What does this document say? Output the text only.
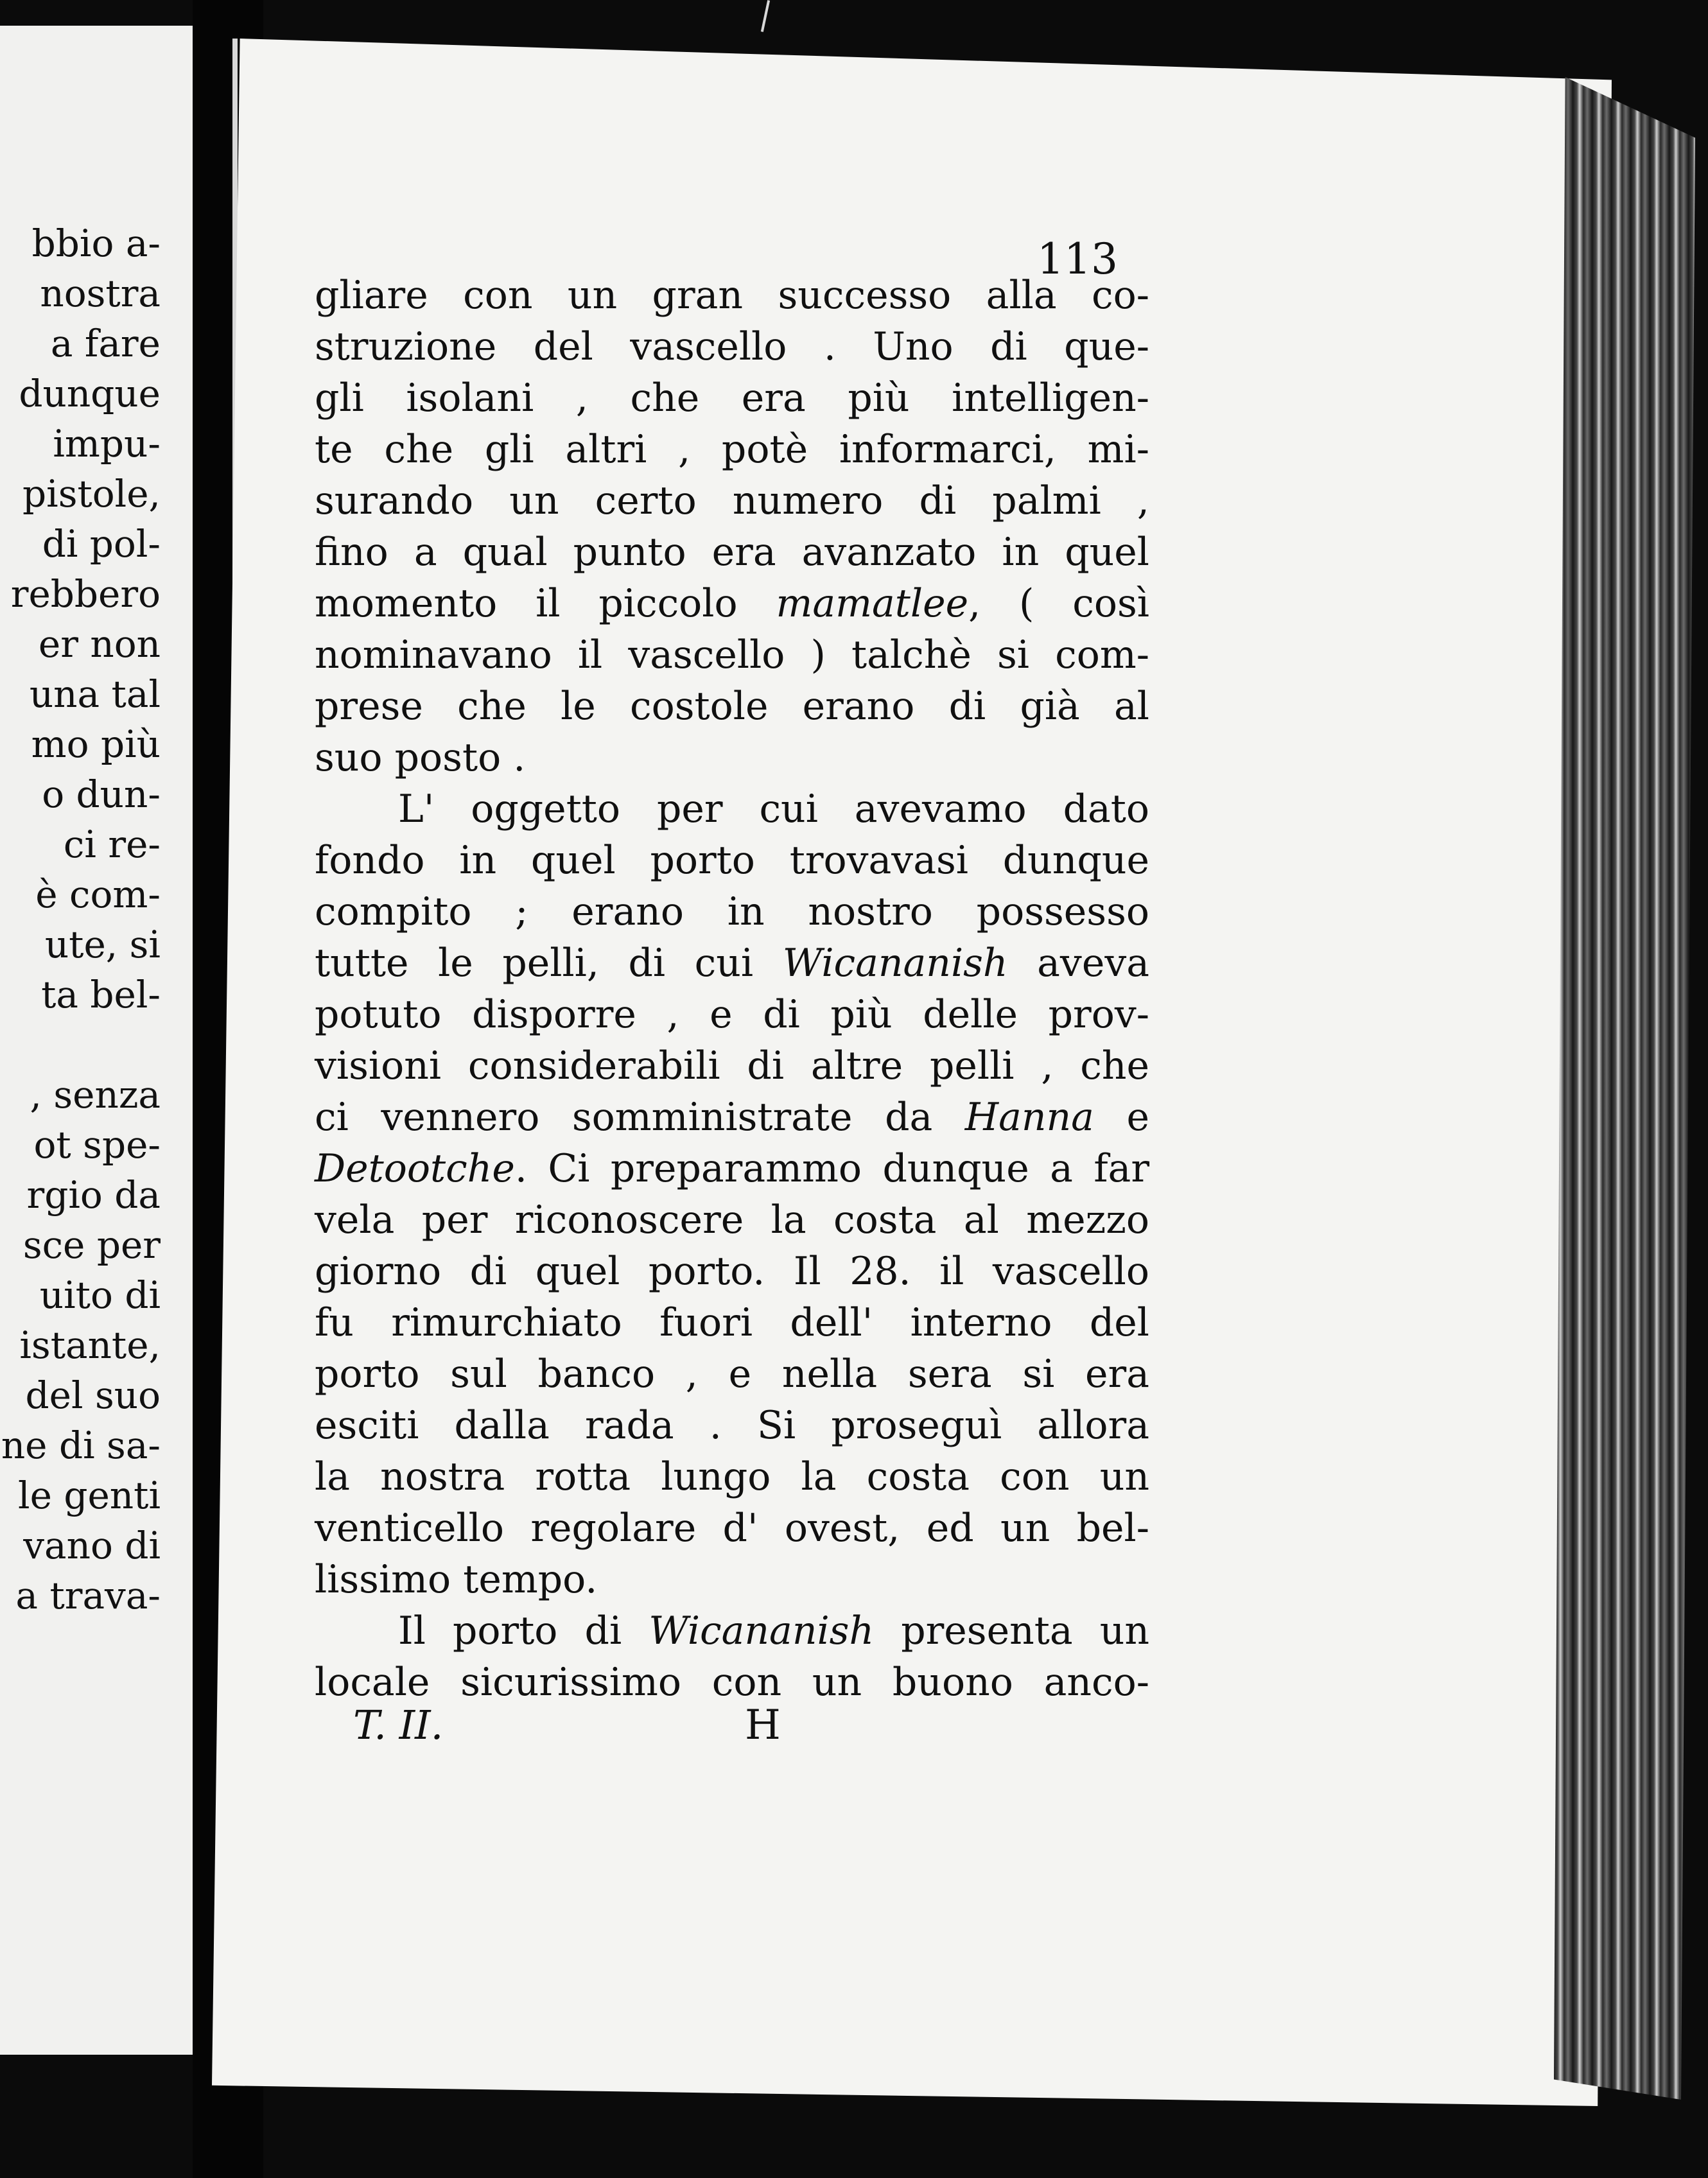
bbio a-
nostra
a fare
dunque
impu-
pistole,
di pol-
rebbero
er non
una tal
mo più
o dun-
ci re-
è com-
ute, si
ta bel-
, senza
ot spe-
rgio da
sce per
uito di
istante,
del suo
ne di sa-
le genti
vano di
a trava-
113
gliare con un gran successo alla co-
struzione del vascello . Uno di que-
gli isolani , che era più intelligen-
te che gli altri , potè informarci, mi-
surando un certo numero di palmi ,
fino a qual punto era avanzato in quel
momento il piccolo mamatlee, ( così
nominavano il vascello ) talchè si com-
prese che le costole erano di già al
suo posto .
L' oggetto per cui avevamo dato
fondo in quel porto trovavasi dunque
compito ; erano in nostro possesso
tutte le pelli, di cui Wicananish aveva
potuto disporre , e di più delle prov-
visioni considerabili di altre pelli , che
ci vennero somministrate da Hanna e
Detootche. Ci preparammo dunque a far
vela per riconoscere la costa al mezzo
giorno di quel porto. Il 28. il vascello
fu rimurchiato fuori dell' interno del
porto sul banco , e nella sera si era
esciti dalla rada . Si proseguì allora
la nostra rotta lungo la costa con un
venticello regolare d' ovest, ed un bel-
lissimo tempo.
Il porto di Wicananish presenta un
locale sicurissimo con un buono anco-
T. II.	H
